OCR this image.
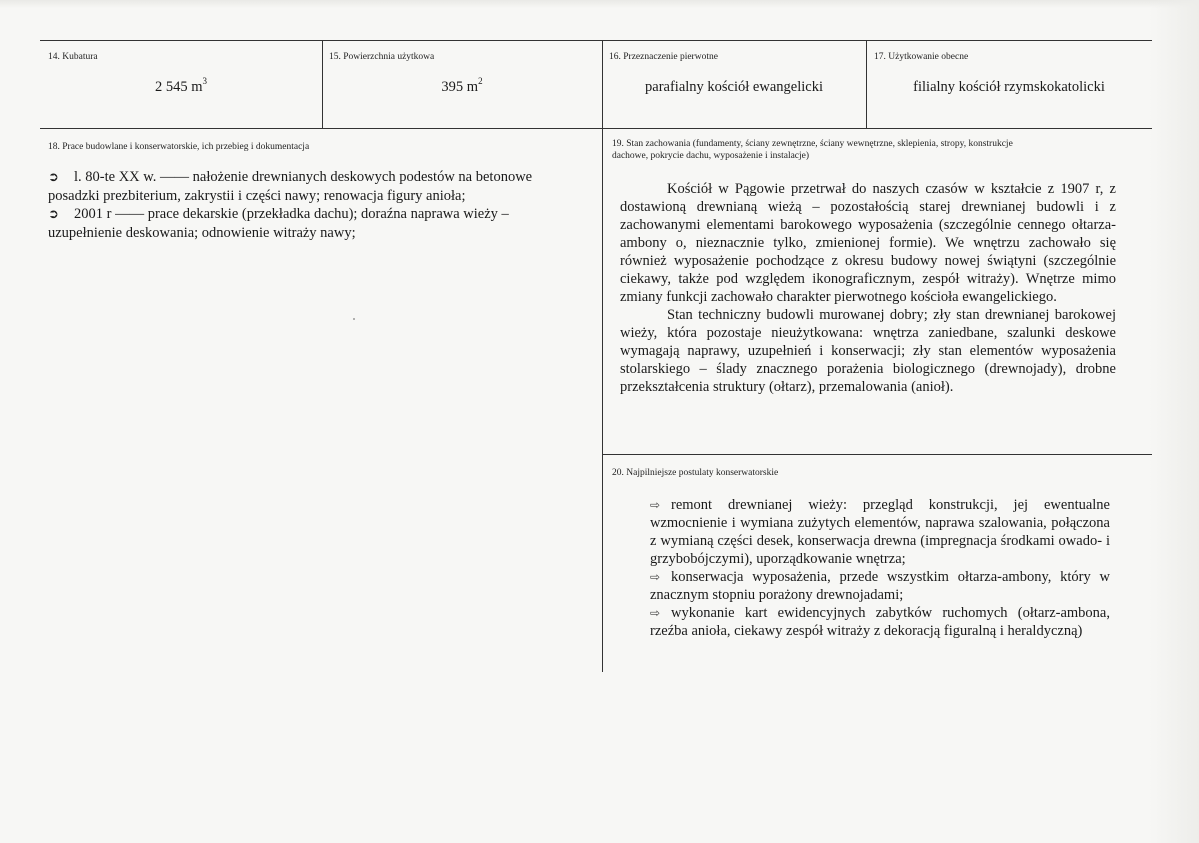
14. Kubatura
2 545 $m^3$
15. Powierzchnia użytkowa
395 $m^2$
16. Przeznaczenie pierwotne
parafialny kościół ewangelicki
17. Użytkowanie obecne
filialny kościół rzymskokatolicki
18. Prace budowlane i konserwatorskie, ich przebieg i dokumentacja
➲ l. 80-te XX w. —— nałożenie drewnianych deskowych podestów na betonowe
posadzki prezbiterium, zakrystii i części nawy; renowacja figury anioła;
➲ 2001 r —— prace dekarskie (przekładka dachu); doraźna naprawa wieży –
uzupełnienie deskowania; odnowienie witraży nawy;
19. Stan zachowania (fundamenty, ściany zewnętrzne, ściany wewnętrzne, sklepienia, stropy, konstrukcje
dachowe, pokrycie dachu, wyposażenie i instalacje)

Kościół w Pągowie przetrwał do naszych czasów w kształcie z 1907 r, z dostawioną drewnianą wieżą – pozostałością starej drewnianej budowli i z zachowanymi elementami barokowego wyposażenia (szczególnie cennego ołtarza-ambony o, nieznacznie tylko, zmienionej formie). We wnętrzu zachowało się również wyposażenie pochodzące z okresu budowy nowej świątyni (szczególnie ciekawy, także pod względem ikonograficznym, zespół witraży). Wnętrze mimo zmiany funkcji zachowało charakter pierwotnego kościoła ewangelickiego.

Stan techniczny budowli murowanej dobry; zły stan drewnianej barokowej wieży, która pozostaje nieużytkowana: wnętrza zaniedbane, szalunki deskowe wymagają naprawy, uzupełnień i konserwacji; zły stan elementów wyposażenia stolarskiego – ślady znacznego porażenia biologicznego (drewnojady), drobne przekształcenia struktury (ołtarz), przemalowania (anioł).

20. Najpilniejsze postulaty konserwatorskie

⇨ remont drewnianej wieży: przegląd konstrukcji, jej ewentualne wzmocnienie i wymiana zużytych elementów, naprawa szalowania, połączona z wymianą części desek, konserwacja drewna (impregnacja środkami owado- i grzybobójczymi), uporządkowanie wnętrza;

⇨ konserwacja wyposażenia, przede wszystkim ołtarza-ambony, który w znacznym stopniu porażony drewnojadami;

⇨ wykonanie kart ewidencyjnych zabytków ruchomych (ołtarz-ambona, rzeźba anioła, ciekawy zespół witraży z dekoracją figuralną i heraldyczną)
